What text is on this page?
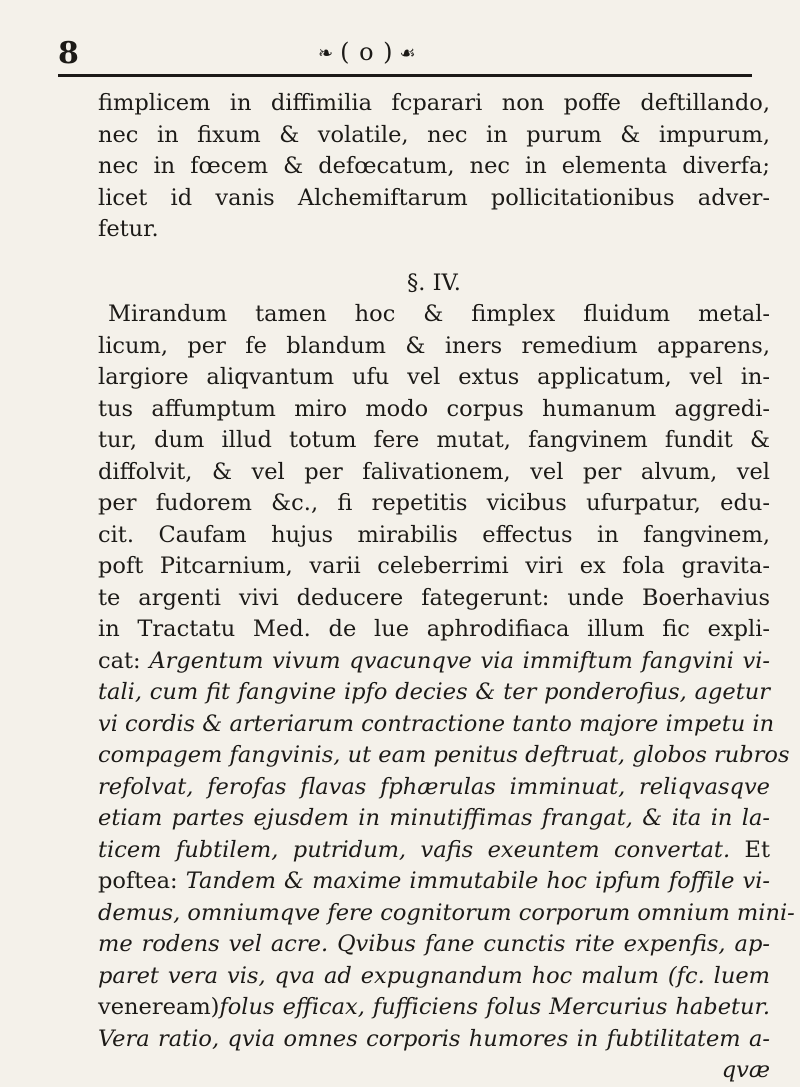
8	❧ ( o ) ☙
fimplicem in diffimilia fcparari non poffe deftillando,
nec in fixum & volatile, nec in purum & impurum,
nec in fœcem & defœcatum, nec in elementa diverfa;
licet id vanis Alchemiftarum pollicitationibus adver-
fetur.
§. IV.
Mirandum tamen hoc & fimplex fluidum metal-
licum, per fe blandum & iners remedium apparens,
largiore aliqvantum ufu vel extus applicatum, vel in-
tus affumptum miro modo corpus humanum aggredi-
tur, dum illud totum fere mutat, fangvinem fundit &
diffolvit, & vel per falivationem, vel per alvum, vel
per fudorem &c., fi repetitis vicibus ufurpatur, edu-
cit. Caufam hujus mirabilis effectus in fangvinem,
poft Pitcarnium, varii celeberrimi viri ex fola gravita-
te argenti vivi deducere fategerunt: unde Boerhavius
in Tractatu Med. de lue aphrodifiaca illum fic expli-
cat: Argentum vivum qvacunqve via immiftum fangvini vi-
tali, cum fit fangvine ipfo decies & ter ponderofius, agetur
vi cordis & arteriarum contractione tanto majore impetu in
compagem fangvinis, ut eam penitus deftruat, globos rubros
refolvat, ferofas flavas fphærulas imminuat, reliqvasqve
etiam partes ejusdem in minutiffimas frangat, & ita in la-
ticem fubtilem, putridum, vafis exeuntem convertat. Et
poftea: Tandem & maxime immutabile hoc ipfum foffile vi-
demus, omniumqve fere cognitorum corporum omnium mini-
me rodens vel acre. Qvibus fane cunctis rite expenfis, ap-
paret vera vis, qva ad expugnandum hoc malum (fc. luem
veneream)folus efficax, fufficiens folus Mercurius habetur.
Vera ratio, qvia omnes corporis humores in fubtilitatem a-
qvæ
